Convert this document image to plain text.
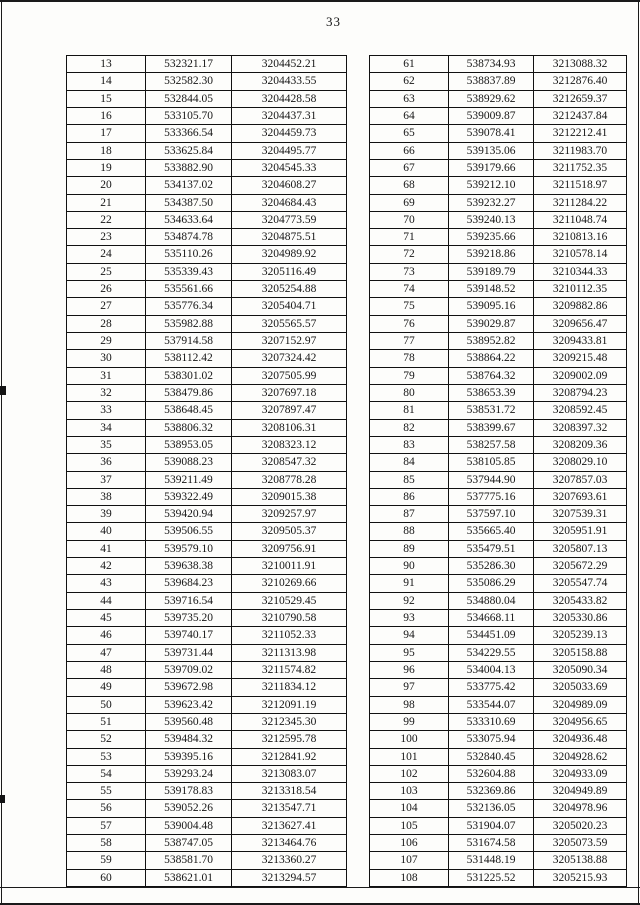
33
13	532321.17	3204452.21
14	532582.30	3204433.55
15	532844.05	3204428.58
16	533105.70	3204437.31
17	533366.54	3204459.73
18	533625.84	3204495.77
19	533882.90	3204545.33
20	534137.02	3204608.27
21	534387.50	3204684.43
22	534633.64	3204773.59
23	534874.78	3204875.51
24	535110.26	3204989.92
25	535339.43	3205116.49
26	535561.66	3205254.88
27	535776.34	3205404.71
28	535982.88	3205565.57
29	537914.58	3207152.97
30	538112.42	3207324.42
31	538301.02	3207505.99
32	538479.86	3207697.18
33	538648.45	3207897.47
34	538806.32	3208106.31
35	538953.05	3208323.12
36	539088.23	3208547.32
37	539211.49	3208778.28
38	539322.49	3209015.38
39	539420.94	3209257.97
40	539506.55	3209505.37
41	539579.10	3209756.91
42	539638.38	3210011.91
43	539684.23	3210269.66
44	539716.54	3210529.45
45	539735.20	3210790.58
46	539740.17	3211052.33
47	539731.44	3211313.98
48	539709.02	3211574.82
49	539672.98	3211834.12
50	539623.42	3212091.19
51	539560.48	3212345.30
52	539484.32	3212595.78
53	539395.16	3212841.92
54	539293.24	3213083.07
55	539178.83	3213318.54
56	539052.26	3213547.71
57	539004.48	3213627.41
58	538747.05	3213464.76
59	538581.70	3213360.27
60	538621.01	3213294.57
61	538734.93	3213088.32
62	538837.89	3212876.40
63	538929.62	3212659.37
64	539009.87	3212437.84
65	539078.41	3212212.41
66	539135.06	3211983.70
67	539179.66	3211752.35
68	539212.10	3211518.97
69	539232.27	3211284.22
70	539240.13	3211048.74
71	539235.66	3210813.16
72	539218.86	3210578.14
73	539189.79	3210344.33
74	539148.52	3210112.35
75	539095.16	3209882.86
76	539029.87	3209656.47
77	538952.82	3209433.81
78	538864.22	3209215.48
79	538764.32	3209002.09
80	538653.39	3208794.23
81	538531.72	3208592.45
82	538399.67	3208397.32
83	538257.58	3208209.36
84	538105.85	3208029.10
85	537944.90	3207857.03
86	537775.16	3207693.61
87	537597.10	3207539.31
88	535665.40	3205951.91
89	535479.51	3205807.13
90	535286.30	3205672.29
91	535086.29	3205547.74
92	534880.04	3205433.82
93	534668.11	3205330.86
94	534451.09	3205239.13
95	534229.55	3205158.88
96	534004.13	3205090.34
97	533775.42	3205033.69
98	533544.07	3204989.09
99	533310.69	3204956.65
100	533075.94	3204936.48
101	532840.45	3204928.62
102	532604.88	3204933.09
103	532369.86	3204949.89
104	532136.05	3204978.96
105	531904.07	3205020.23
106	531674.58	3205073.59
107	531448.19	3205138.88
108	531225.52	3205215.93
